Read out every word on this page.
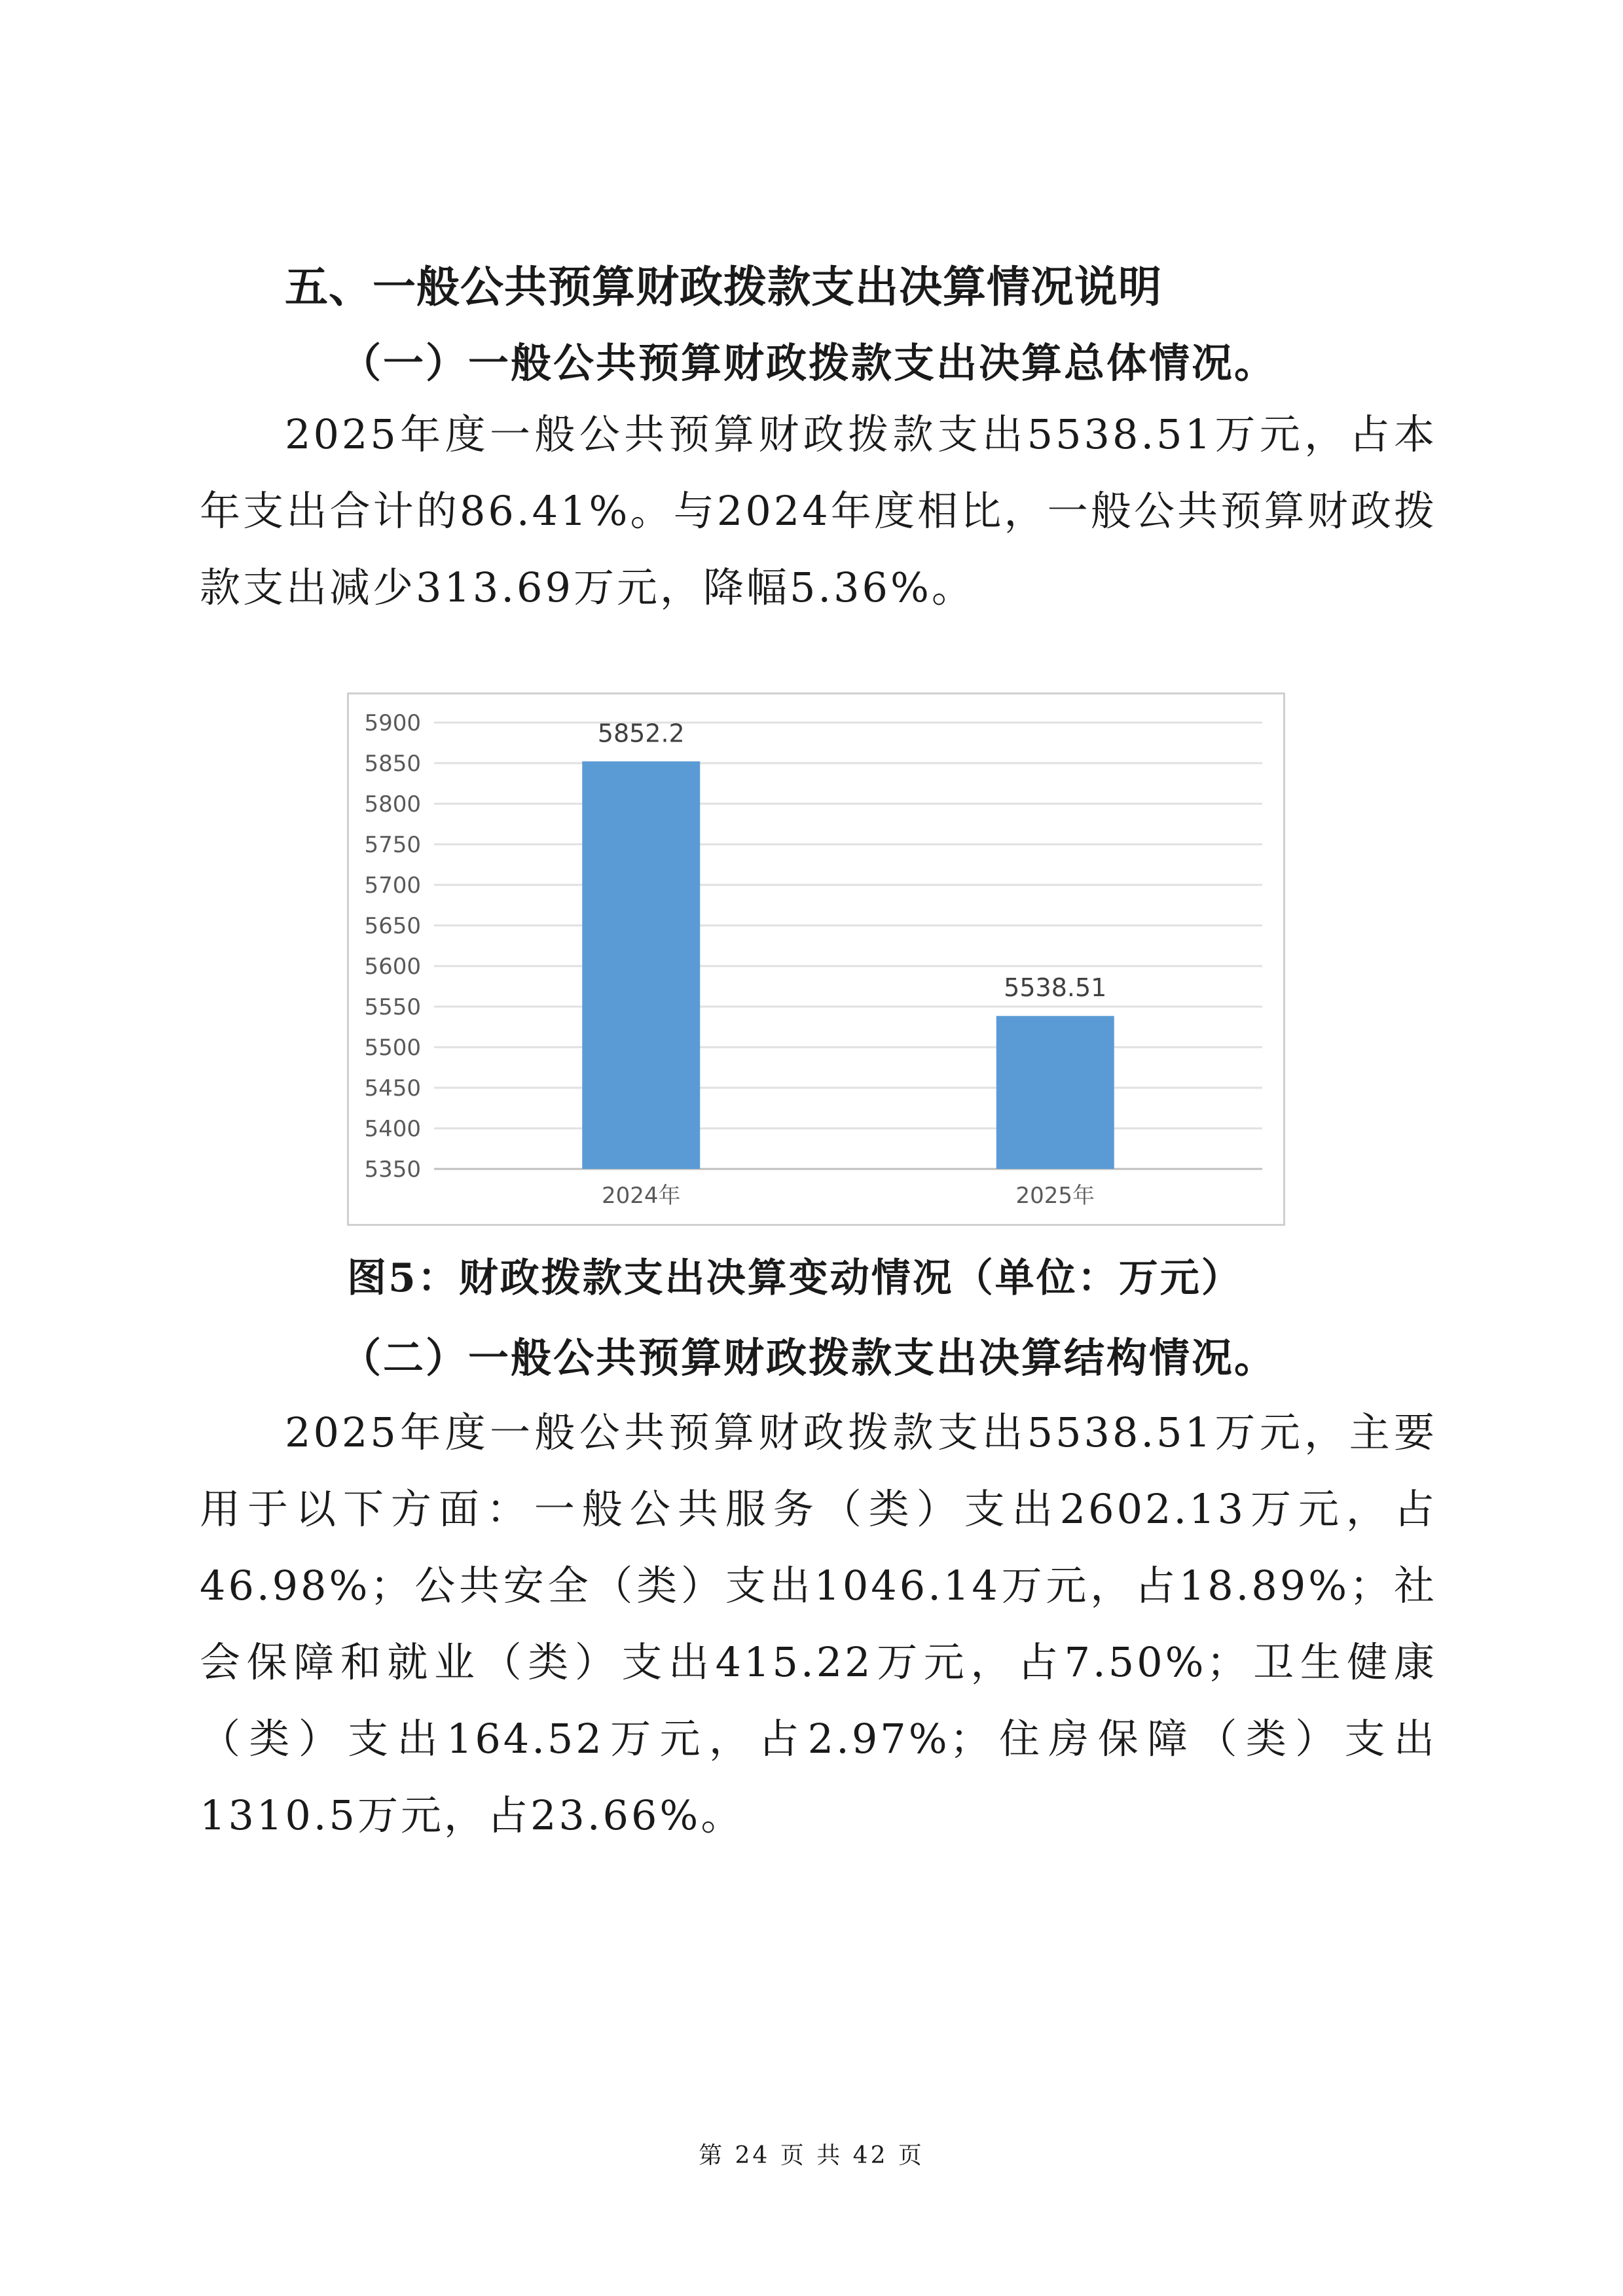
五、一般公共预算财政拨款支出决算情况说明
（一）一般公共预算财政拨款支出决算总体情况。

2025年度一般公共预算财政拨款支出5538.51万元，占本年支出合计的86.41%。与2024年度相比，一般公共预算财政拨款支出减少313.69万元，降幅5.36%。

5900
5850
5800
5750
5700
5650
5600
5550
5500
5450
5400
5350
5852.2
2024年
5538.51
2025年
图5：财政拨款支出决算变动情况（单位：万元）
（二）一般公共预算财政拨款支出决算结构情况。

2025年度一般公共预算财政拨款支出5538.51万元，主要用于以下方面：一般公共服务（类）支出2602.13万元，占46.98%；公共安全（类）支出1046.14万元，占18.89%；社会保障和就业（类）支出415.22万元，占7.50%；卫生健康（类）支出164.52万元，占2.97%；住房保障（类）支出1310.5万元，占23.66%。

第 24 页 共 42 页
